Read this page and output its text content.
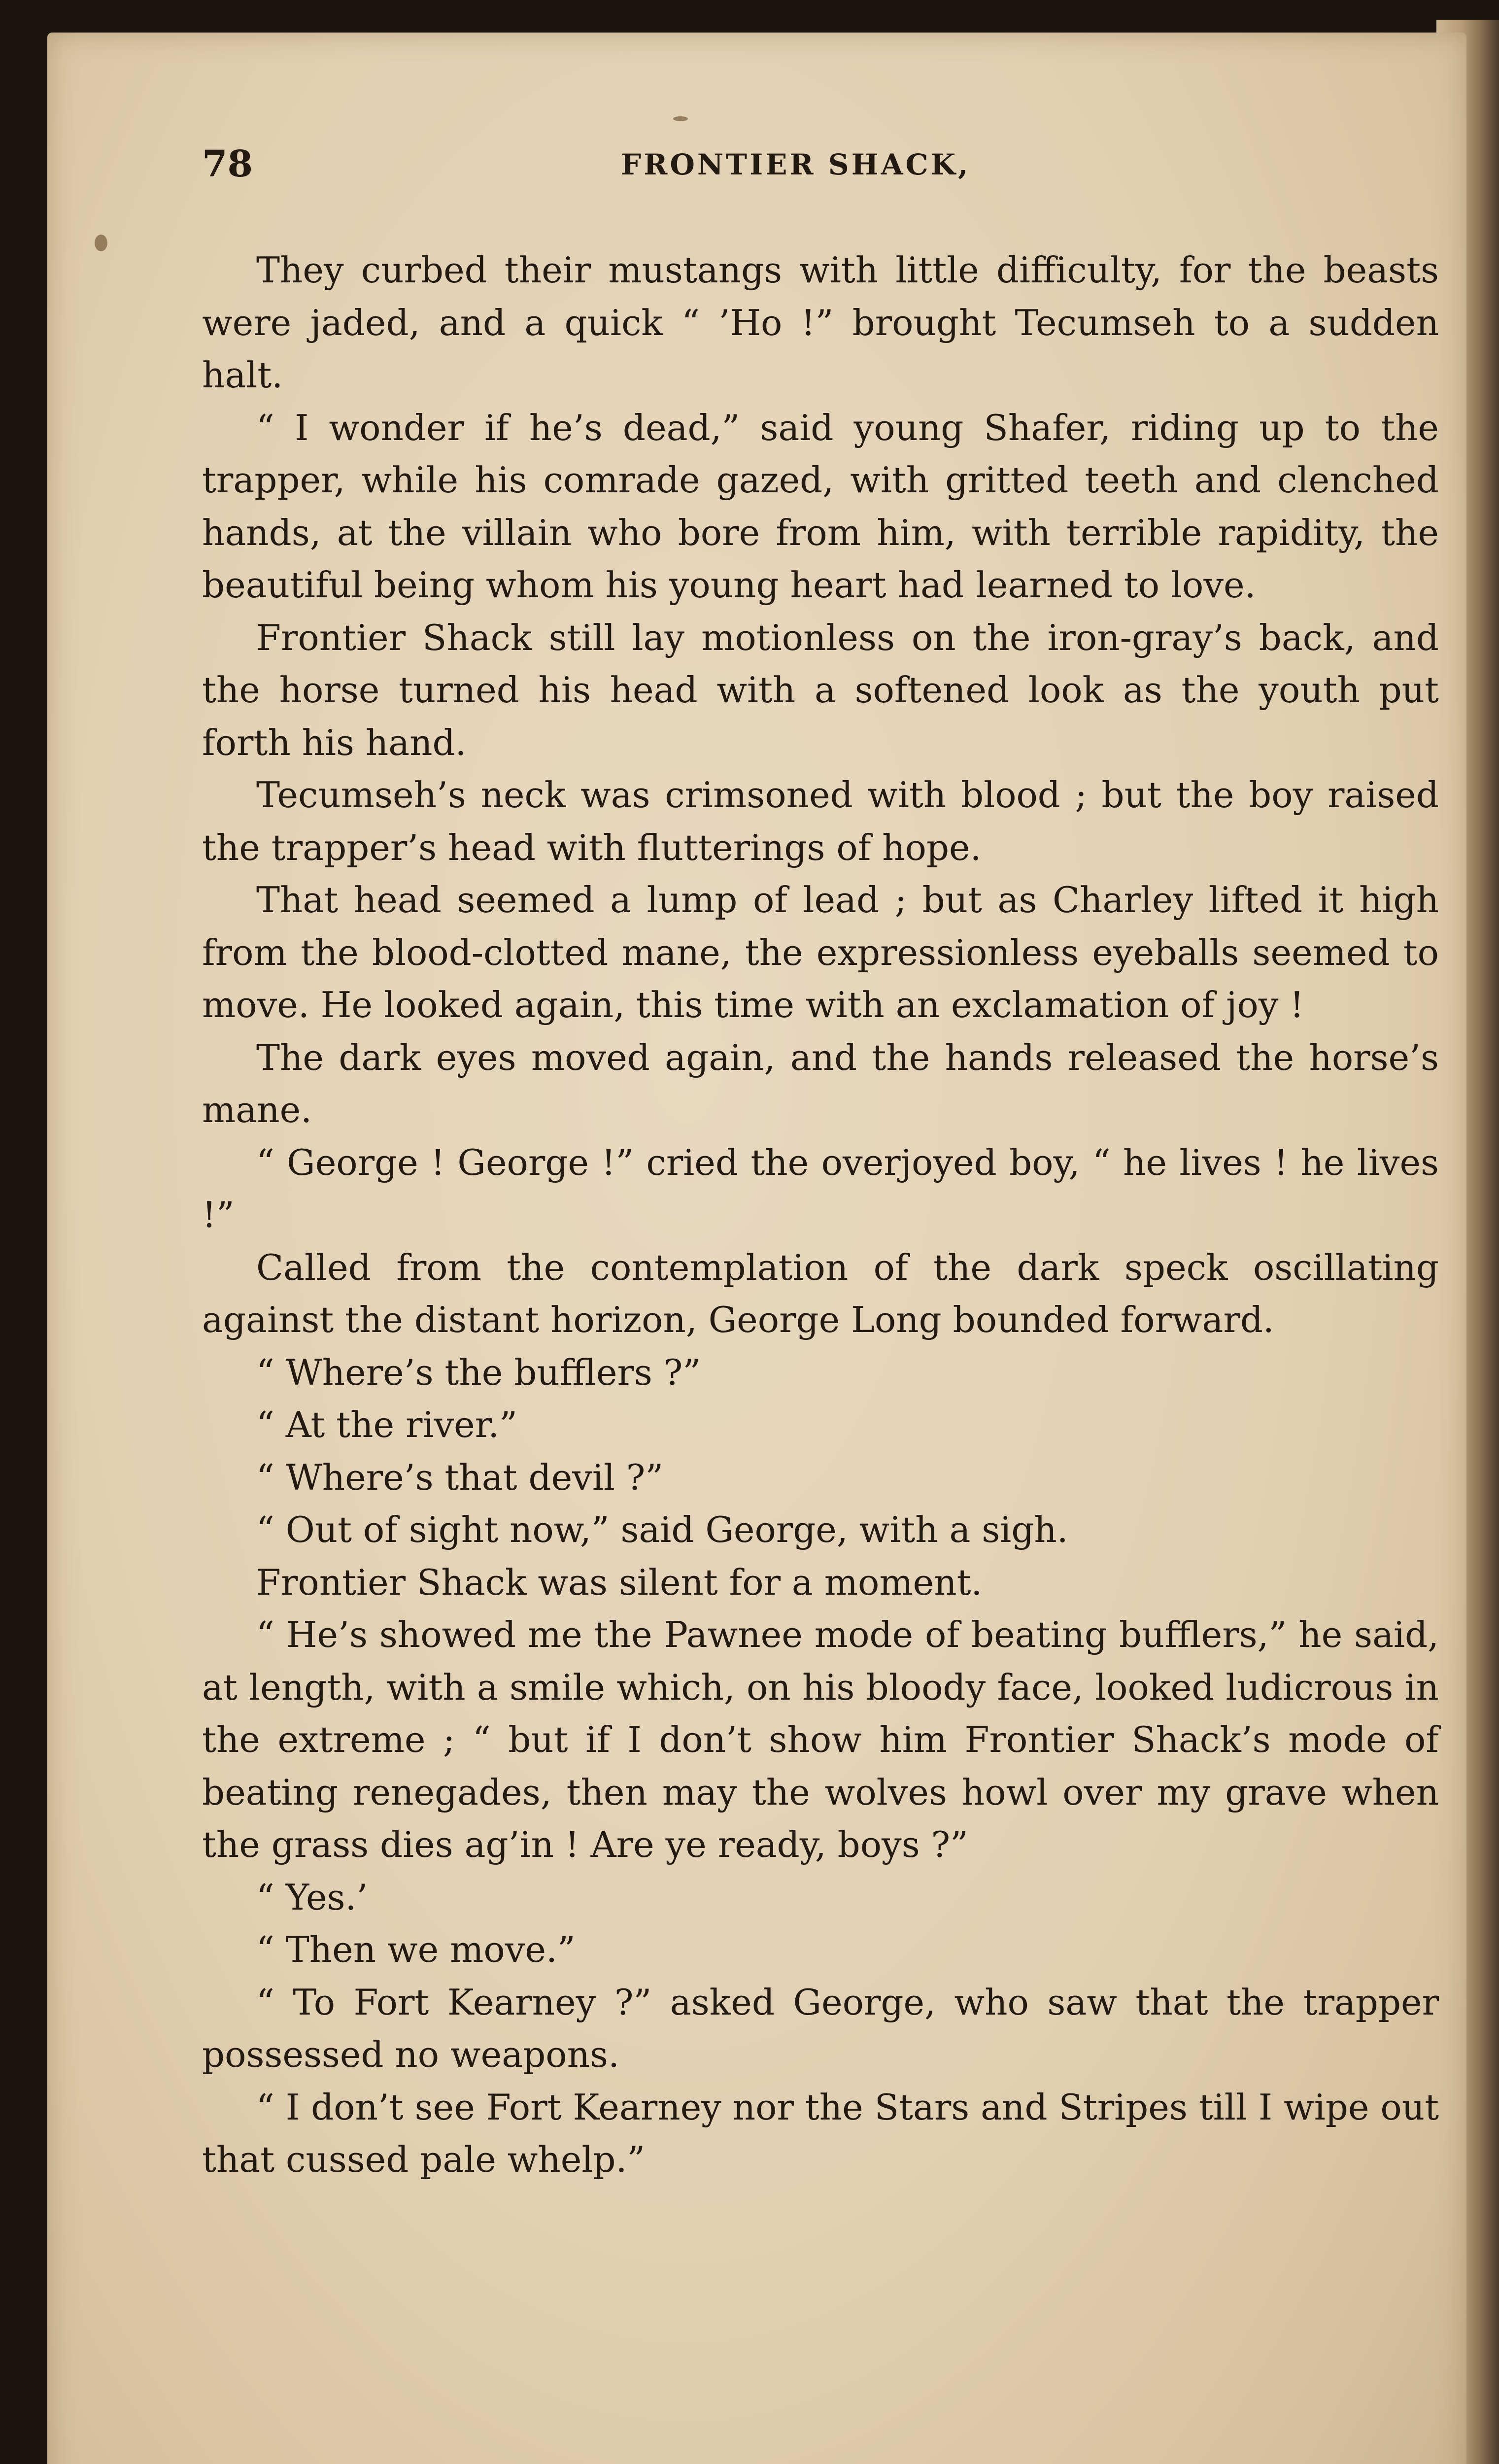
78	FRONTIER SHACK,

They curbed their mustangs with little difficulty, for the beasts were jaded, and a quick “ ’Ho !” brought Tecumseh to a sudden halt.

“ I wonder if he’s dead,” said young Shafer, riding up to the trapper, while his comrade gazed, with gritted teeth and clenched hands, at the villain who bore from him, with terrible rapidity, the beautiful being whom his young heart had learned to love.

Frontier Shack still lay motionless on the iron-gray’s back, and the horse turned his head with a softened look as the youth put forth his hand.

Tecumseh’s neck was crimsoned with blood ; but the boy raised the trapper’s head with flutterings of hope.

That head seemed a lump of lead ; but as Charley lifted it high from the blood-clotted mane, the expressionless eyeballs seemed to move. He looked again, this time with an exclamation of joy !

The dark eyes moved again, and the hands released the horse’s mane.

“ George ! George !” cried the overjoyed boy, “ he lives ! he lives !”

Called from the contemplation of the dark speck oscillating against the distant horizon, George Long bounded forward.

“ Where’s the bufflers ?”

“ At the river.”

“ Where’s that devil ?”

“ Out of sight now,” said George, with a sigh.

Frontier Shack was silent for a moment.

“ He’s showed me the Pawnee mode of beating bufflers,” he said, at length, with a smile which, on his bloody face, looked ludicrous in the extreme ; “ but if I don’t show him Frontier Shack’s mode of beating renegades, then may the wolves howl over my grave when the grass dies ag’in ! Are ye ready, boys ?”

“ Yes.’

“ Then we move.”

“ To Fort Kearney ?” asked George, who saw that the trapper possessed no weapons.

“ I don’t see Fort Kearney nor the Stars and Stripes till I wipe out that cussed pale whelp.”
